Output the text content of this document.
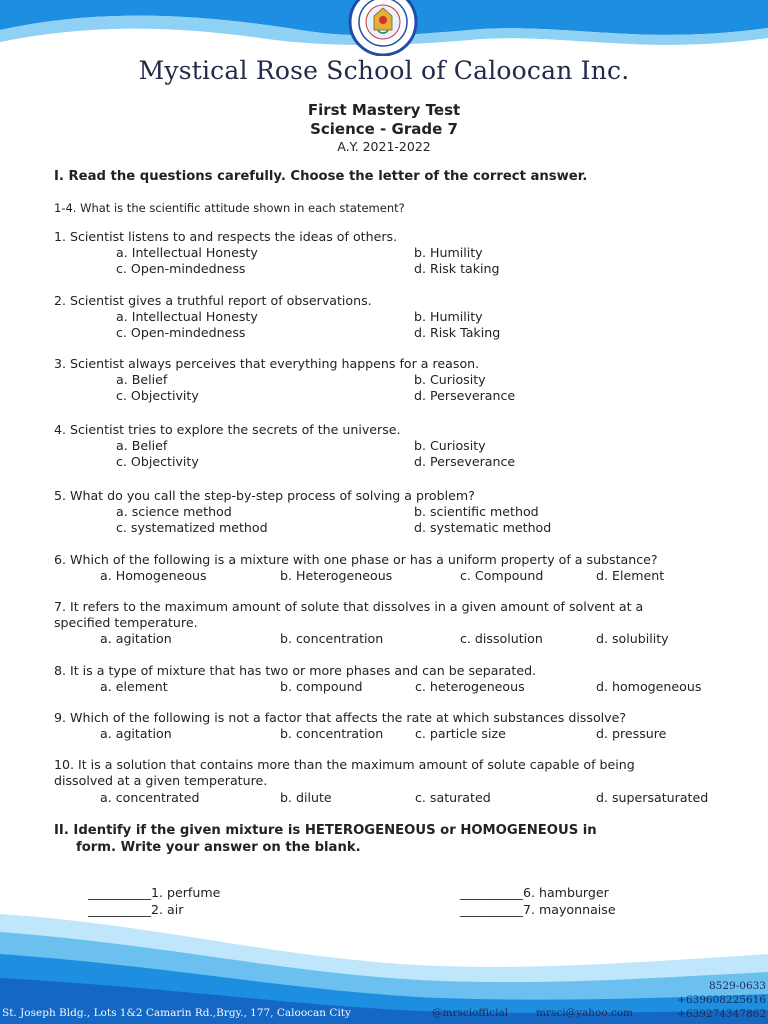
Mystical Rose School of Caloocan Inc.
First Mastery Test
Science - Grade 7
A.Y. 2021-2022
I. Read the questions carefully. Choose the letter of the correct answer.
1-4. What is the scientific attitude shown in each statement?
1. Scientist listens to and respects the ideas of others.
a. Intellectual Honesty	b. Humility
c. Open-mindedness	d. Risk taking
2. Scientist gives a truthful report of observations.
a. Intellectual Honesty	b. Humility
c. Open-mindedness	d. Risk Taking
3. Scientist always perceives that everything happens for a reason.
a. Belief	b. Curiosity
c. Objectivity	d. Perseverance
4. Scientist tries to explore the secrets of the universe.
a. Belief	b. Curiosity
c. Objectivity	d. Perseverance
5. What do you call the step-by-step process of solving a problem?
a. science method	b. scientific method
c. systematized method	d. systematic method
6. Which of the following is a mixture with one phase or has a uniform property of a substance?
a. Homogeneous	b. Heterogeneous	c. Compound	d. Element
7. It refers to the maximum amount of solute that dissolves in a given amount of solvent at a
specified temperature.
a. agitation	b. concentration	c. dissolution	d. solubility
8. It is a type of mixture that has two or more phases and can be separated.
a. element	b. compound	c. heterogeneous	d. homogeneous
9. Which of the following is not a factor that affects the rate at which substances dissolve?
a. agitation	b. concentration	c. particle size	d. pressure
10. It is a solution that contains more than the maximum amount of solute capable of being
dissolved at a given temperature.
a. concentrated	b. dilute	c. saturated	d. supersaturated
II. Identify if the given mixture is HETEROGENEOUS or HOMOGENEOUS in
form. Write your answer on the blank.
__________1. perfume	__________6. hamburger
__________2. air	__________7. mayonnaise
8529-0633
+639608225616
+639274347862
St. Joseph Bldg., Lots 1&2 Camarin Rd.,Brgy., 177, Caloocan City	@mrsciofficial	mrsci@yahoo.com
